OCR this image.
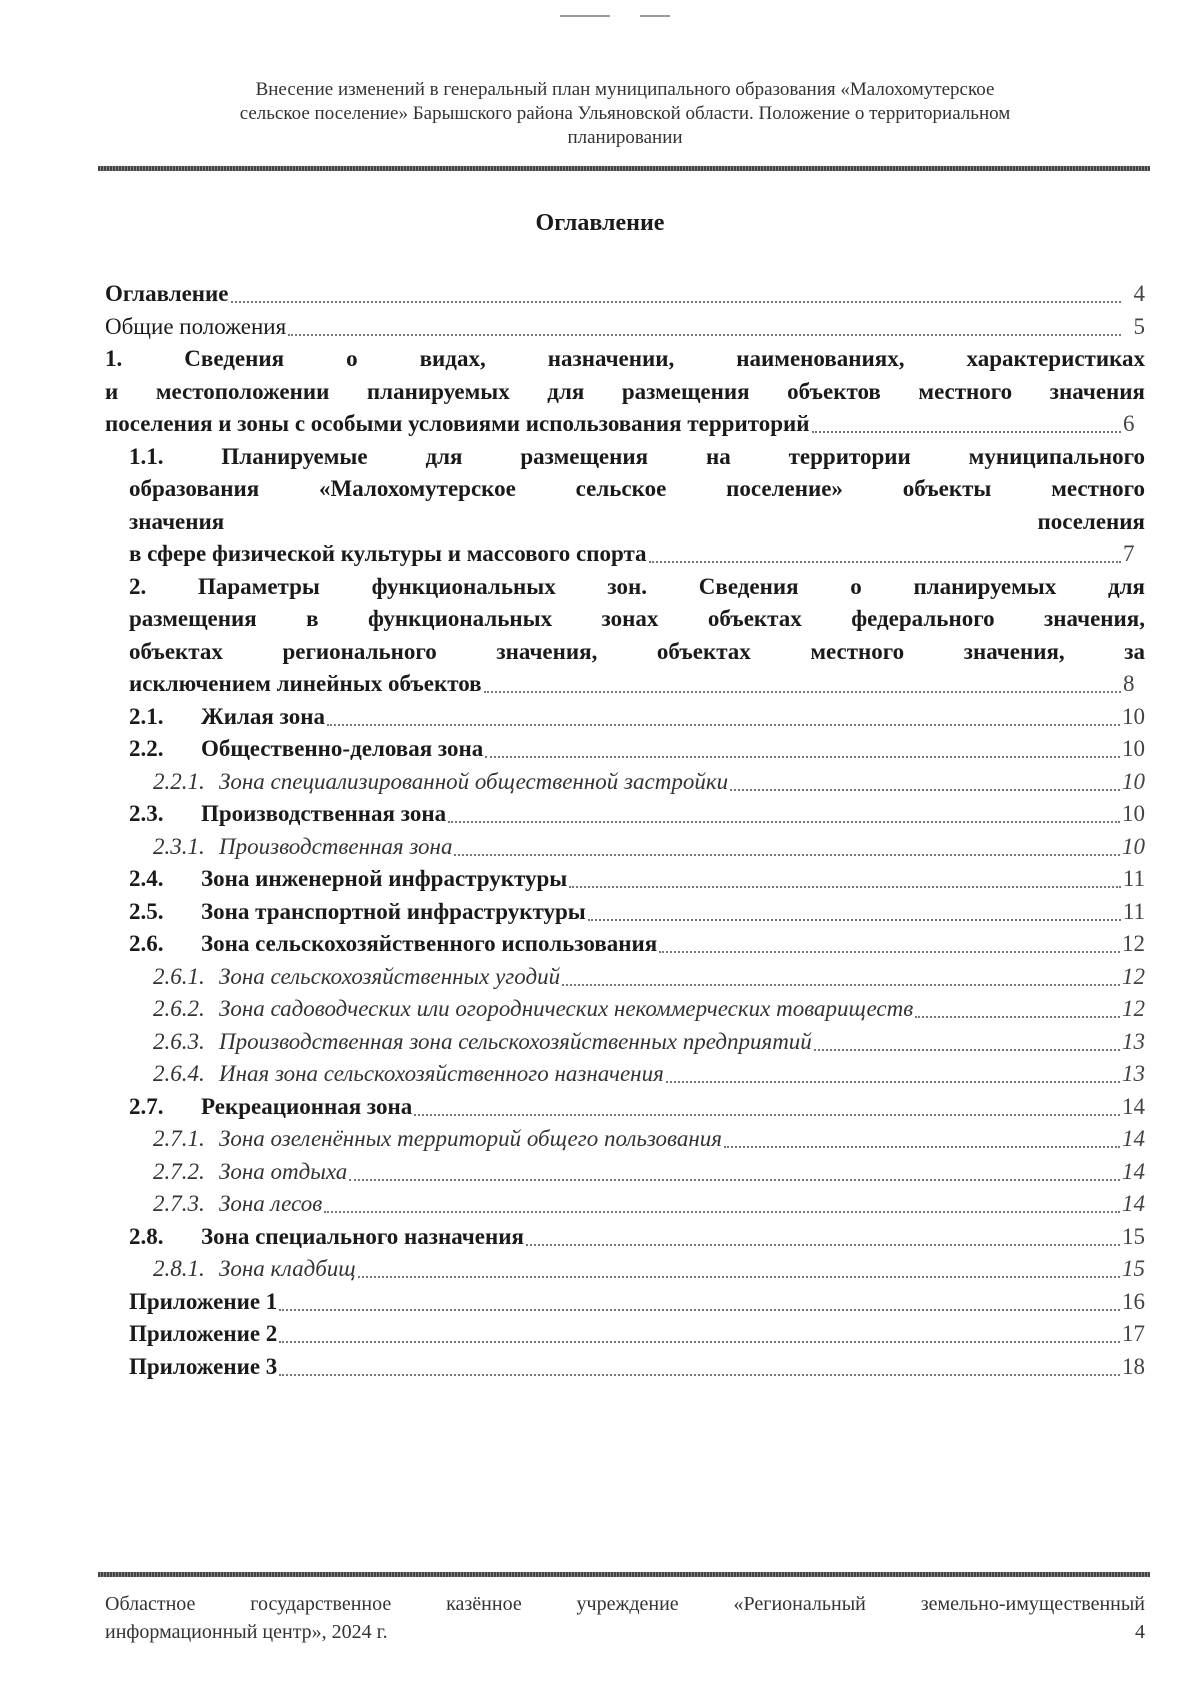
Внесение изменений в генеральный план муниципального образования «Малохомутерское
сельское поселение» Барышского района Ульяновской области. Положение о территориальном
планировании
Оглавление
Оглавление	4
Общие положения	5
1. Сведения о видах, назначении, наименованиях, характеристиках
и местоположении планируемых для размещения объектов местного значения
поселения и зоны с особыми условиями использования территорий	6
1.1. Планируемые для размещения на территории муниципального
образования «Малохомутерское сельское поселение» объекты местного
значения	поселения
в сфере физической культуры и массового спорта	7
2. Параметры функциональных зон. Сведения о планируемых для
размещения в функциональных зонах объектах федерального значения,
объектах регионального значения, объектах местного значения, за
исключением линейных объектов	8
2.1.	Жилая зона	10
2.2.	Общественно-деловая зона	10
2.2.1. Зона специализированной общественной застройки	10
2.3.	Производственная зона	10
2.3.1. Производственная зона	10
2.4.	Зона инженерной инфраструктуры	11
2.5.	Зона транспортной инфраструктуры	11
2.6.	Зона сельскохозяйственного использования	12
2.6.1. Зона сельскохозяйственных угодий	12
2.6.2. Зона садоводческих или огороднических некоммерческих товариществ	12
2.6.3. Производственная зона сельскохозяйственных предприятий	13
2.6.4. Иная зона сельскохозяйственного назначения	13
2.7.	Рекреационная зона	14
2.7.1. Зона озеленённых территорий общего пользования	14
2.7.2. Зона отдыха	14
2.7.3. Зона лесов	14
2.8.	Зона специального назначения	15
2.8.1. Зона кладбищ	15
Приложение 1	16
Приложение 2	17
Приложение 3	18
Областное государственное казённое учреждение «Региональный земельно-имущественный
информационный центр», 2024 г.	4
